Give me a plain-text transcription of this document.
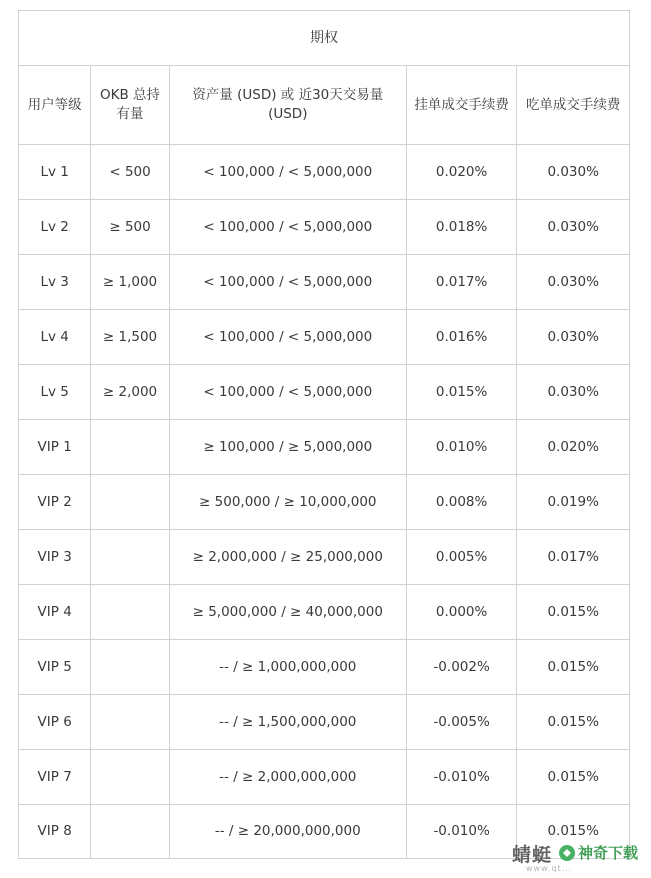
期权				
用户等级	OKB 总持有量	资产量 (USD) 或 近30天交易量 (USD)	挂单成交手续费	吃单成交手续费
Lv 1	< 500	< 100,000 / < 5,000,000	0.020%	0.030%
Lv 2	≥ 500	< 100,000 / < 5,000,000	0.018%	0.030%
Lv 3	≥ 1,000	< 100,000 / < 5,000,000	0.017%	0.030%
Lv 4	≥ 1,500	< 100,000 / < 5,000,000	0.016%	0.030%
Lv 5	≥ 2,000	< 100,000 / < 5,000,000	0.015%	0.030%
VIP 1		≥ 100,000 / ≥ 5,000,000	0.010%	0.020%
VIP 2		≥ 500,000 / ≥ 10,000,000	0.008%	0.019%
VIP 3		≥ 2,000,000 / ≥ 25,000,000	0.005%	0.017%
VIP 4		≥ 5,000,000 / ≥ 40,000,000	0.000%	0.015%
VIP 5		-- / ≥ 1,000,000,000	-0.002%	0.015%
VIP 6		-- / ≥ 1,500,000,000	-0.005%	0.015%
VIP 7		-- / ≥ 2,000,000,000	-0.010%	0.015%
VIP 8		-- / ≥ 20,000,000,000	-0.010%	0.015%
蜻蜓 神奇下载
www.qt...
